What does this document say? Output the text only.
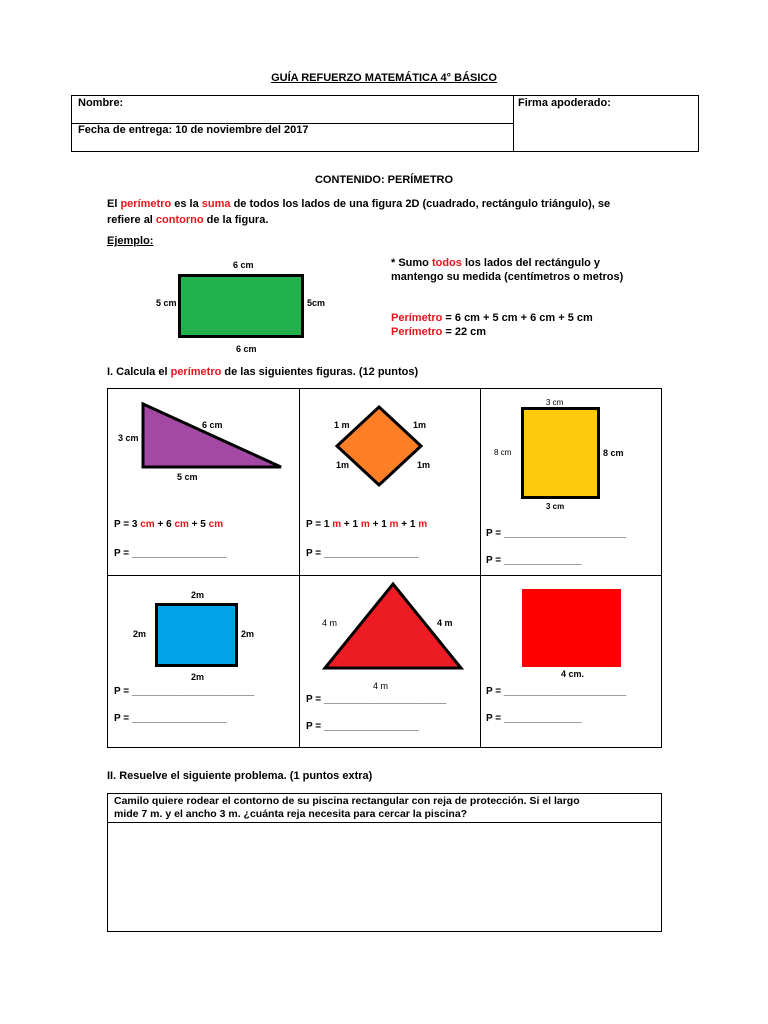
GUÍA REFUERZO MATEMÁTICA 4° BÁSICO
Nombre:	Firma apoderado:
Fecha de entrega: 10 de noviembre del 2017
CONTENIDO: PERÍMETRO
El perímetro es la suma de todos los lados de una figura 2D (cuadrado, rectángulo triángulo), se
refiere al contorno de la figura.
Ejemplo:
6 cm
6 cm
5 cm	5cm
* Sumo todos los lados del rectángulo y
mantengo su medida (centímetros o metros)
Perímetro = 6 cm + 5 cm + 6 cm + 5 cm
Perímetro = 22 cm
I. Calcula el perímetro de las siguientes figuras. (12 puntos)
3 cm
6 cm
5 cm
P = 3 cm + 6 cm + 5 cm
P = _________________
1 m	1m
1m	1m
P = 1 m + 1 m + 1 m + 1 m
P = _________________
3 cm
8 cm	8 cm
3 cm
P = ______________________
P = ______________
2m
2m	2m
2m
P = ______________________
P = _________________
4 m	4 m
4 m
P = ______________________
P = _________________
4 cm.
P = ______________________
P = ______________
II. Resuelve el siguiente problema. (1 puntos extra)
Camilo quiere rodear el contorno de su piscina rectangular con reja de protección. Si el largo
mide 7 m. y el ancho 3 m. ¿cuánta reja necesita para cercar la piscina?
